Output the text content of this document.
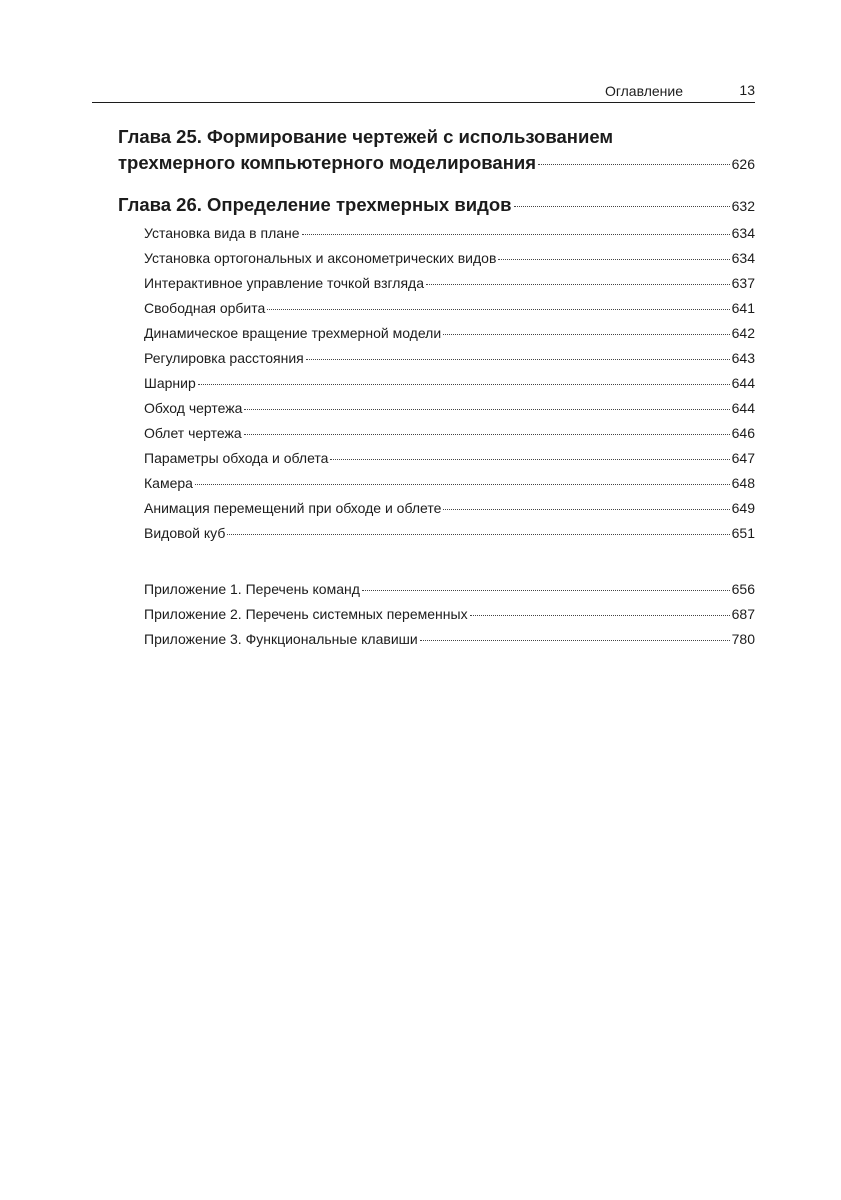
Оглавление	13
Глава 25. Формирование чертежей с использованием
трехмерного компьютерного моделирования	626
Глава 26. Определение трехмерных видов	632
Установка вида в плане	634
Установка ортогональных и аксонометрических видов	634
Интерактивное управление точкой взгляда	637
Свободная орбита	641
Динамическое вращение трехмерной модели	642
Регулировка расстояния	643
Шарнир	644
Обход чертежа	644
Облет чертежа	646
Параметры обхода и облета	647
Камера	648
Анимация перемещений при обходе и облете	649
Видовой куб	651
Приложение 1. Перечень команд	656
Приложение 2. Перечень системных переменных	687
Приложение 3. Функциональные клавиши	780
